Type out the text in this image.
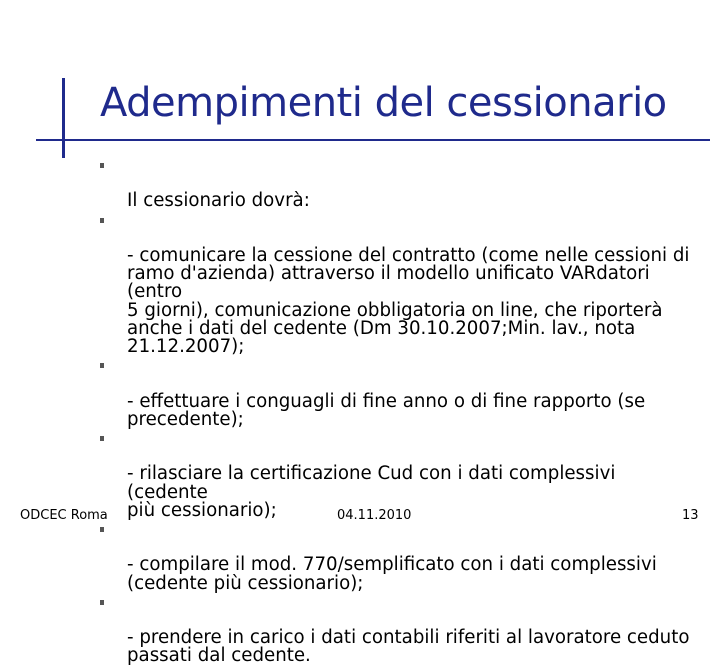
Adempimenti del cessionario

Il cessionario dovrà:

- comunicare la cessione del contratto (come nelle cessioni di
ramo d'azienda) attraverso il modello unificato VARdatori (entro
5 giorni), comunicazione obbligatoria on line, che riporterà
anche i dati del cedente (Dm 30.10.2007;Min. lav., nota
21.12.2007);

- effettuare i conguagli di fine anno o di fine rapporto (se
precedente);

- rilasciare la certificazione Cud con i dati complessivi (cedente
più cessionario);

- compilare il mod. 770/semplificato con i dati complessivi
(cedente più cessionario);

- prendere in carico i dati contabili riferiti al lavoratore ceduto
passati dal cedente.

ODCEC Roma	04.11.2010	13
